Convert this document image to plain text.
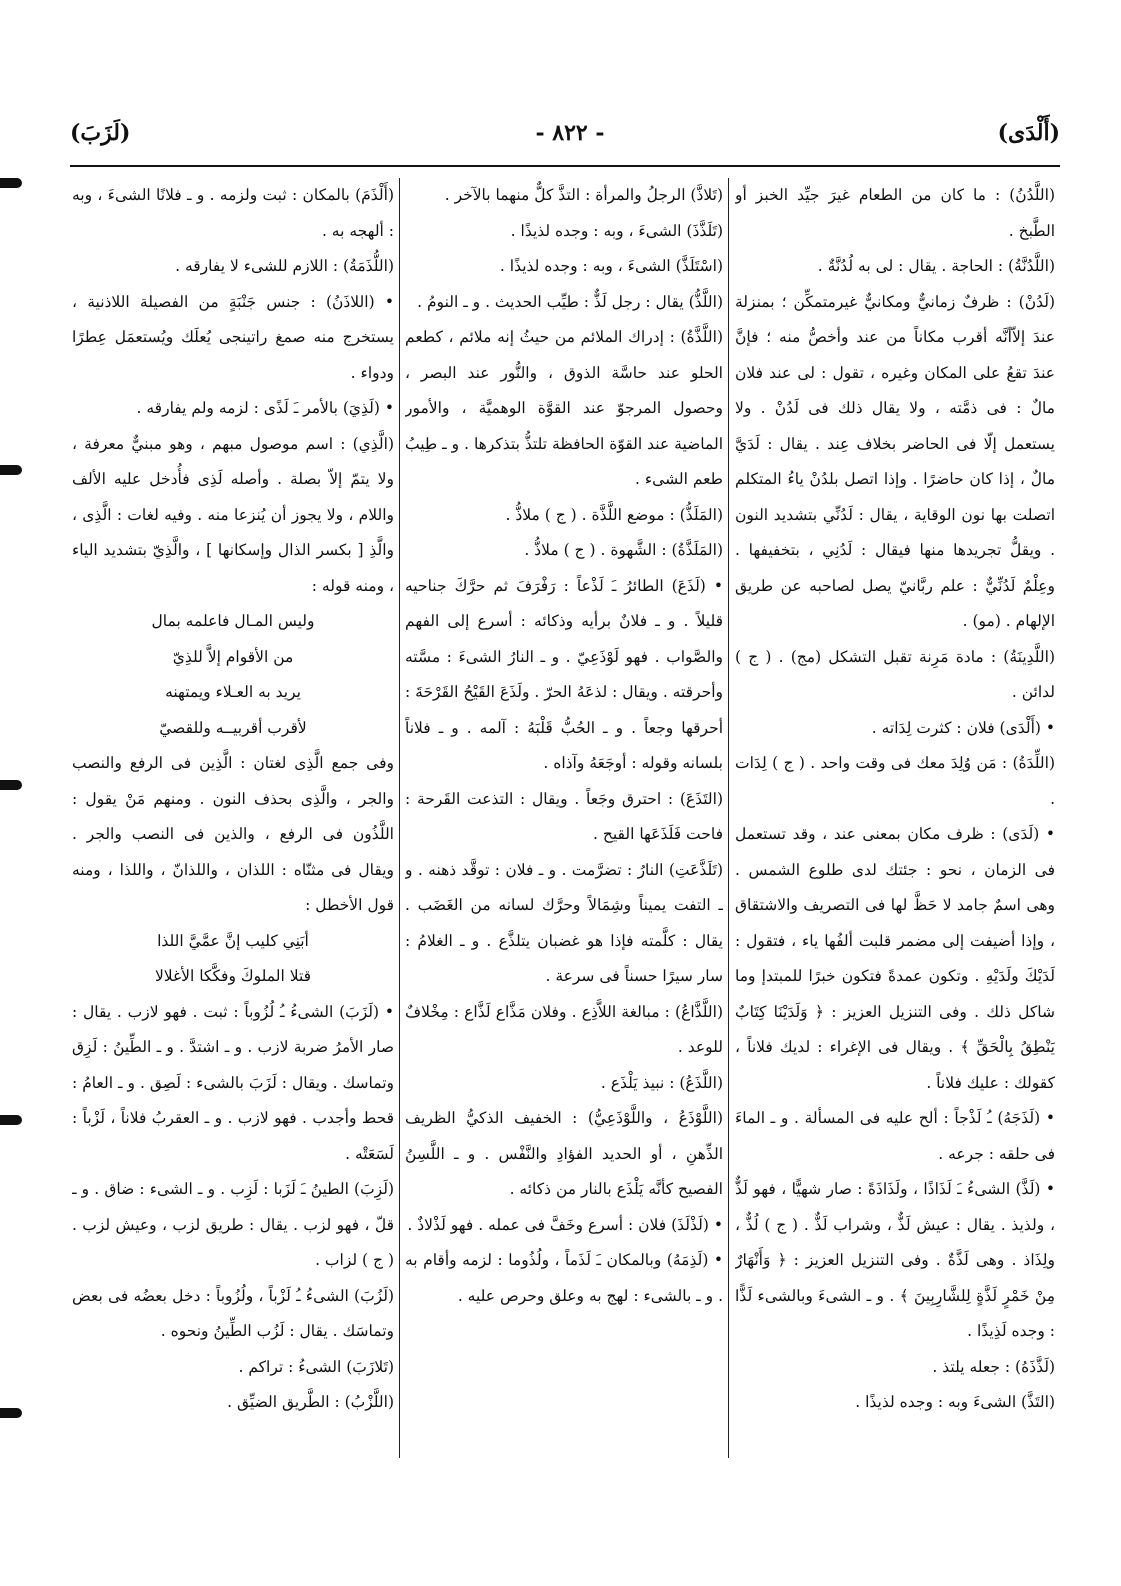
(أَلْدَى)
- ٨٢٢ -
(لَزَبَ)

(اللَّدُنُ) : ما كان من الطعام غيرَ جيِّد الخبز أو الطَّبخ .

(اللَّدُنَّةُ) : الحاجة . يقال : لى به لُدُنَّةٌ .

(لَدُنْ) : ظرفٌ زمانيٌّ ومكانيٌّ غيرمتمكِّن ؛ بمنزلة عندَ إلاّأنَّه أقرب مكاناً من عند وأخصُّ منه ؛ فإنَّ عندَ تقعُ على المكان وغيره ، تقول : لى عند فلان مالٌ : فى ذمَّته ، ولا يقال ذلك فى لَدُنْ . ولا يستعمل إلّا فى الحاضر بخلاف عِند . يقال : لَدَيَّ مالٌ ، إذا كان حاضرًا . وإذا اتصل بلدُنْ ياءُ المتكلم اتصلت بها نون الوقاية ، يقال : لَدُنِّي بتشديد النون . ويقلُّ تجريدها منها فيقال : لَدُنِي ، بتخفيفها . وعِلْمٌ لَدُنِّيٌّ : علم ربَّانيّ يصل لصاحبه عن طريق الإلهام . (مو) .

(اللَّدِينَةُ) : مادة مَرِنة تقبل التشكل (مج) . ( ج ) لدائن .

• (أَلْدَى) فلان : كثرت لِدَاته .

(اللِّدَةُ) : مَن وُلِدَ معك فى وقت واحد . ( ج ) لِدَات .

• (لَدَى) : ظرف مكان بمعنى عند ، وقد تستعمل فى الزمان ، نحو : جئتك لدى طلوع الشمس . وهى اسمٌ جامد لا حَظَّ لها فى التصريف والاشتقاق ، وإذا أضيفت إلى مضمر قلبت ألفُها ياء ، فتقول : لَدَيْكَ ولَدَيْهِ . وتكون عمدةً فتكون خبرًا للمبتدإ وما شاكل ذلك . وفى التنزيل العزيز : ﴿ وَلَدَيْنَا كِتَابٌ يَنْطِقُ بِالْحَقِّ ﴾ . ويقال فى الإغراء : لديك فلاناً ، كقولك : عليك فلاناً .

• (لَذَجَهُ) ـُ لَذْجاً : ألح عليه فى المسألة . و ـ الماءَ فى حلقه : جرعه .

• (لَذَّ) الشىءُ ـَ لَذَاذًا ، ولَذَاذَةً : صار شهيًّا ، فهو لَذٌّ ، ولذيذ . يقال : عيش لَذٌّ ، وشراب لَذٌّ . ( ج ) لُذٌّ ، ولِذَاذ . وهى لَذَّةٌ . وفى التنزيل العزيز : ﴿ وَأَنْهَارٌ مِنْ خَمْرٍ لَذَّةٍ لِلشَّارِبِينَ ﴾ . و ـ الشىءَ وبالشىء لَذًّا : وجده لَذِيذًا .

(لَذَّذَهُ) : جعله يلتذ .

(التَذَّ) الشىءَ وبه : وجده لذيذًا .

(تَلاذَّ) الرجلُ والمرأة : التذَّ كلٌّ منهما بالآخر .

(تَلَذَّذَ) الشىءَ ، وبه : وجده لذيذًا .

(اسْتَلَذَّ) الشىءَ ، وبه : وجده لذيذًا .

(اللَّذُّ) يقال : رجل لَذٌّ : طيِّب الحديث . و ـ النومُ .

(اللَّذَّةُ) : إدراك الملائم من حيثُ إنه ملائم ، كطعم الحلو عند حاسَّة الذوق ، والنُّور عند البصر ، وحصول المرجوّ عند القوَّة الوهميَّة ، والأمور الماضية عند القوّة الحافظة تلتذُّ بتذكرها . و ـ طِيبُ طعم الشىء .

(المَلَذُّ) : موضع اللَّذَّة . ( ج ) ملاذُّ .

(المَلَذَّةُ) : الشَّهوة . ( ج ) ملاذُّ .

• (لَذَعَ) الطائرُ ـَ لَذْعاً : رَفْرَفَ ثم حرَّكَ جناحيه قليلاً . و ـ فلانٌ برأيه وذكائه : أسرع إلى الفهم والصَّواب . فهو لَوْذَعِيّ . و ـ النارُ الشىءَ : مسَّته وأحرقته . ويقال : لذعَهُ الحرّ . ولَذَعَ القَيْحُ القَرْحَةَ : أحرقها وجعاً . و ـ الحُبُّ قَلْبَهُ : آلمه . و ـ فلاناً بلسانه وقوله : أوجَعَهُ وآذاه .

(التَذَعَ) : احترق وجَعاً . ويقال : التذعت القَرحة : فاحت فَلَذَعَها القيح .

(تَلَذَّعَتِ) النارُ : تضرَّمت . و ـ فلان : توقَّد ذهنه . و ـ التفت يميناً وشِمَالاً وحرَّك لسانه من الغَضَب . يقال : كلَّمته فإذا هو غضبان يتلذَّع . و ـ الغلامُ : سار سيرًا حسناً فى سرعة .

(اللَّذَّاعُ) : مبالغة اللاَّذِع . وفلان مَذَّاع لَذَّاع : مِخْلافٌ للوعد .

(اللَّذَعُ) : نبيذ يَلْذَع .

(اللَّوْذَعُ ، واللَّوْذَعِيُّ) : الخفيف الذكيُّ الظريف الذِّهنِ ، أو الحديد الفؤادِ والنَّفْس . و ـ اللَّسِنُ الفصيح كأنَّه يَلْذَع بالنار من ذكائه .

• (لَذْلَذَ) فلان : أسرع وخَفَّ فى عمله . فهو لَذْلاذٌ .

• (لَذِمَهُ) وبالمكان ـَ لَذَماً ، ولُذُوما : لزمه وأقام به . و ـ بالشىء : لهج به وعلق وحرص عليه .

(أَلْذَمَ) بالمكان : ثبت ولزمه . و ـ فلانًا الشىءَ ، وبه : ألهجه به .

(اللُّذَمَةُ) : اللازم للشىء لا يفارقه .

• (اللاذَنُ) : جنس جَنْبَةٍ من الفصيلة اللاذنية ، يستخرج منه صمغ راتينجى يُعلَك ويُستعمَل عِطرًا ودواء .

• (لَذِيَ) بالأمر ـَ لَذًى : لزمه ولم يفارقه .

(الَّذِي) : اسم موصول مبهم ، وهو مبنيٌّ معرفة ، ولا يتمّ إلاّ بصلة . وأصله لَذِى فأُدخل عليه الألف واللام ، ولا يجوز أن يُنزعا منه . وفيه لغات : الَّذِى ، والَّذِ [ بكسر الذال وإسكانها ] ، والَّذِيّ بتشديد الياء ، ومنه قوله :

وليس المـال فاعلمه بمال

من الأقوام إلاَّ للذِيّ

يريد به العـلاء ويمتهنه

لأقرب أقربيــه وللقصيّ

وفى جمع الَّذِى لغتان : الَّذِين فى الرفع والنصب والجر ، والَّذِى بحذف النون . ومنهم مَنْ يقول : اللَّذُون فى الرفع ، والذين فى النصب والجر . ويقال فى مثنّاه : اللذان ، واللذانّ ، واللذا ، ومنه قول الأخطل :

أبَنِي كليب إنَّ عمَّيَّ اللذا

قتلا الملوكَ وفكَّكا الأغلالا

• (لَزَبَ) الشىءُ ـُ لُزُوباً : ثبت . فهو لازب . يقال : صار الأمرُ ضربة لازب . و ـ اشتدَّ . و ـ الطِّينُ : لَزِق وتماسك . ويقال : لَزَبَ بالشىء : لَصِق . و ـ العامُ : قحط وأجدب . فهو لازب . و ـ العقربُ فلاناً ، لَزْباً : لَسَعَتْه .

(لَزِبَ) الطينُ ـَ لَزَبا : لَزِب . و ـ الشىء : ضاق . و ـ قلّ ، فهو لزب . يقال : طريق لزب ، وعيش لزب . ( ج ) لزاب .

(لَزُبَ) الشىءُ ـُ لَزْباً ، ولُزُوباً : دخل بعضُه فى بعض وتماسَك . يقال : لَزُب الطِّينُ ونحوه .

(تَلازَبَ) الشىءُ : تراكم .

(اللَّزْبُ) : الطَّريق الضيِّق .
